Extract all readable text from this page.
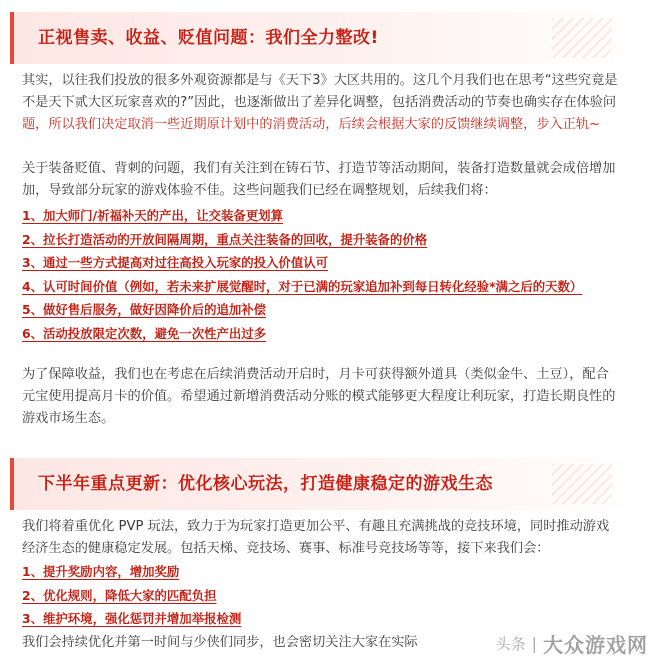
正视售卖、收益、贬值问题：我们全力整改!
其实，以往我们投放的很多外观资源都是与《天下3》大区共用的。这几个月我们也在思考“这些究竟是
不是天下贰大区玩家喜欢的?”因此，也逐渐做出了差异化调整，包括消费活动的节奏也确实存在体验问
题，所以我们决定取消一些近期原计划中的消费活动，后续会根据大家的反馈继续调整，步入正轨~
关于装备贬值、背刺的问题，我们有关注到在铸石节、打造节等活动期间，装备打造数量就会成倍增加
加，导致部分玩家的游戏体验不佳。这些问题我们已经在调整规划，后续我们将：
1、加大师门/祈福补天的产出，让交装备更划算
2、拉长打造活动的开放间隔周期，重点关注装备的回收，提升装备的价格
3、通过一些方式提高对过往高投入玩家的投入价值认可
4、认可时间价值（例如，若未来扩展觉醒时，对于已满的玩家追加补到每日转化经验*满之后的天数）
5、做好售后服务，做好因降价后的追加补偿
6、活动投放限定次数，避免一次性产出过多
为了保障收益，我们也在考虑在后续消费活动开启时，月卡可获得额外道具（类似金牛、土豆），配合
元宝使用提高月卡的价值。希望通过新增消费活动分账的模式能够更大程度让利玩家，打造长期良性的
游戏市场生态。
下半年重点更新：优化核心玩法，打造健康稳定的游戏生态
我们将着重优化 PVP 玩法，致力于为玩家打造更加公平、有趣且充满挑战的竞技环境，同时推动游戏
经济生态的健康稳定发展。包括天梯、竞技场、赛事、标准号竞技场等等，接下来我们会：
1、提升奖励内容，增加奖励
2、优化规则，降低大家的匹配负担
3、维护环境，强化惩罚并增加举报检测
我们会持续优化并第一时间与少侠们同步，也会密切关注大家在实际	头条 | 大众游戏网
